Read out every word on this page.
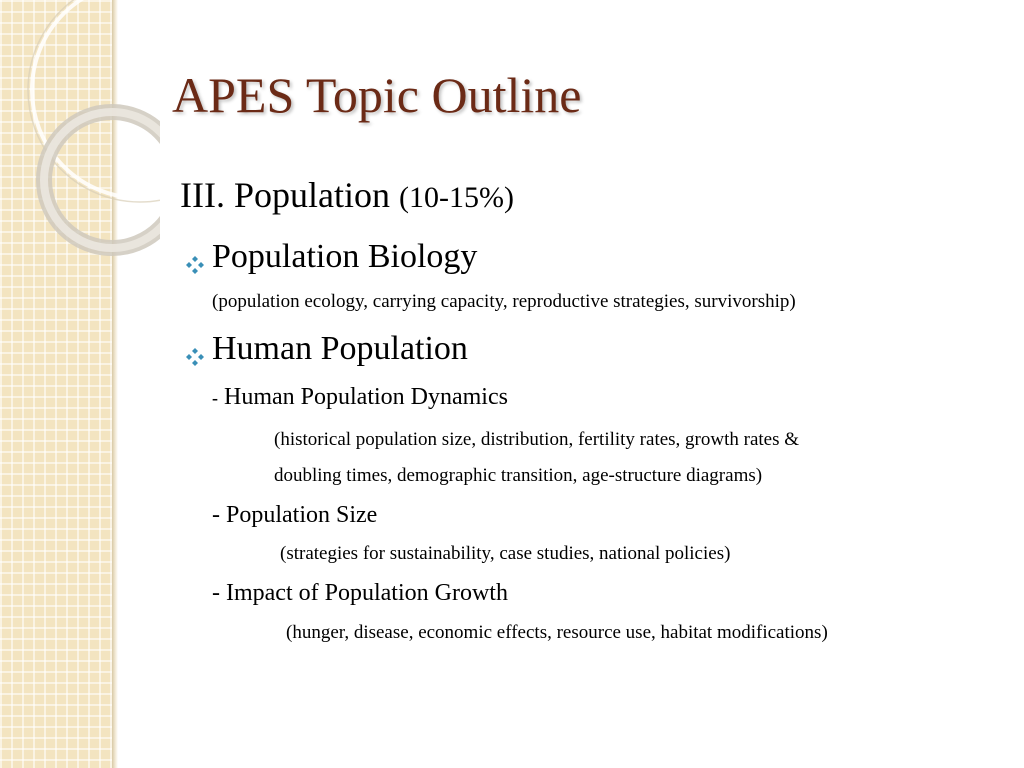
APES Topic Outline
III. Population (10-15%)
Population Biology
(population ecology, carrying capacity, reproductive strategies, survivorship)
Human Population
- Human Population Dynamics
(historical population size, distribution, fertility rates, growth rates &
doubling times, demographic transition, age-structure diagrams)
- Population Size
(strategies for sustainability, case studies, national policies)
- Impact of Population Growth
(hunger, disease, economic effects, resource use, habitat modifications)
